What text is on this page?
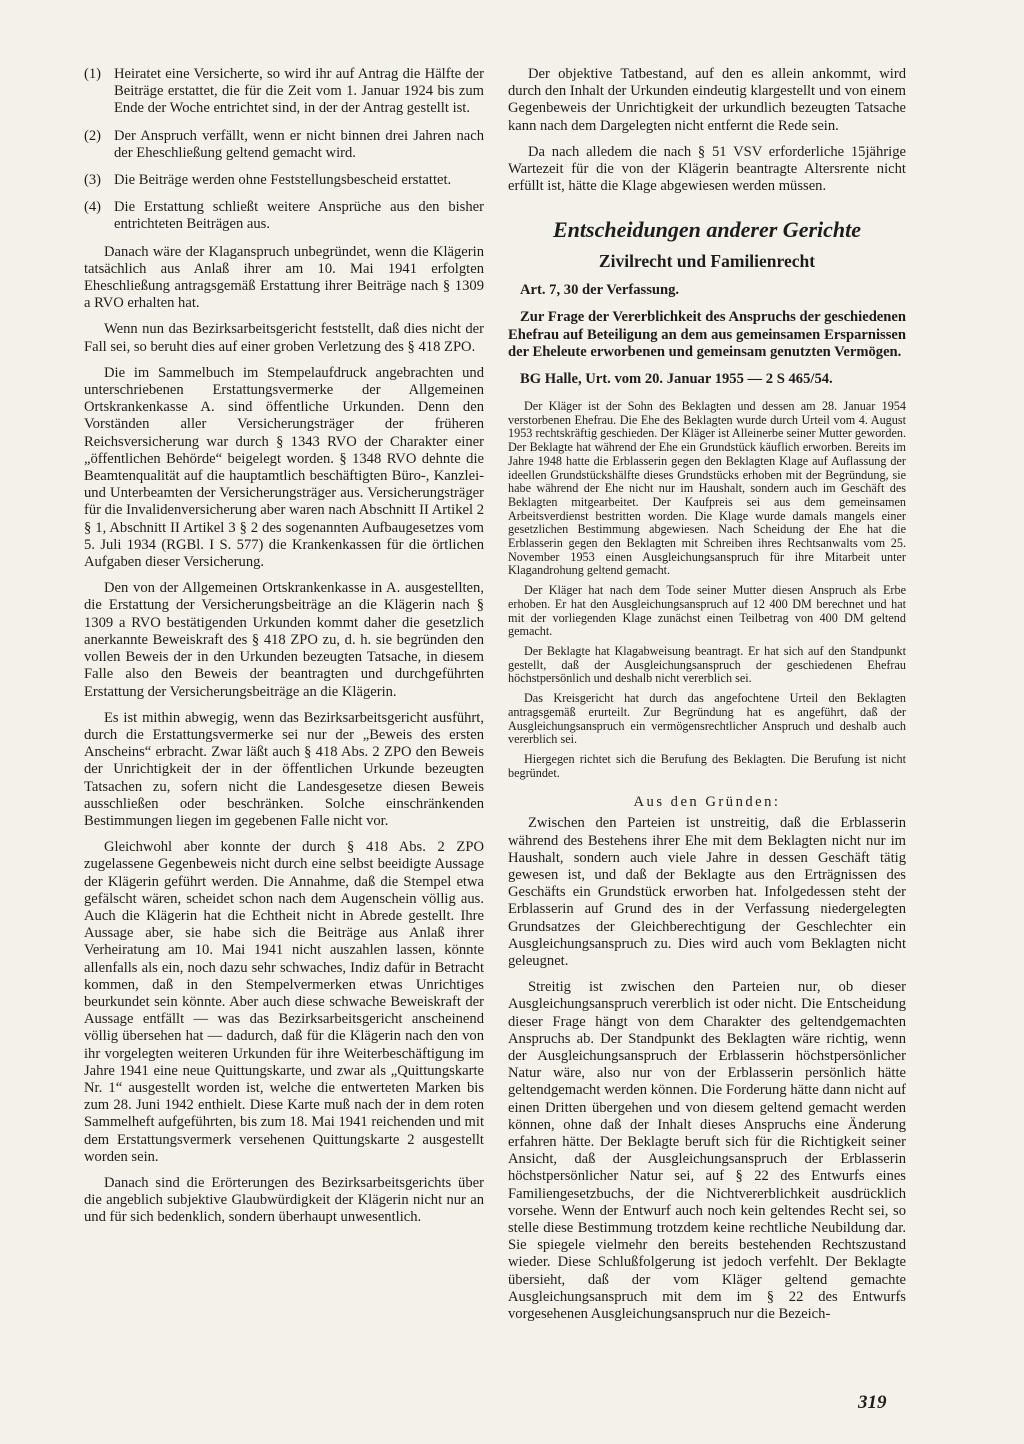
(1) Heiratet eine Versicherte, so wird ihr auf Antrag die Hälfte der Beiträge erstattet, die für die Zeit vom 1. Januar 1924 bis zum Ende der Woche entrichtet sind, in der der Antrag gestellt ist.
(2) Der Anspruch verfällt, wenn er nicht binnen drei Jahren nach der Eheschließung geltend gemacht wird.
(3) Die Beiträge werden ohne Feststellungsbescheid erstattet.
(4) Die Erstattung schließt weitere Ansprüche aus den bisher entrichteten Beiträgen aus.

Danach wäre der Klaganspruch unbegründet, wenn die Klägerin tatsächlich aus Anlaß ihrer am 10. Mai 1941 erfolgten Eheschließung antragsgemäß Erstattung ihrer Beiträge nach § 1309 a RVO erhalten hat.

Wenn nun das Bezirksarbeitsgericht feststellt, daß dies nicht der Fall sei, so beruht dies auf einer groben Verletzung des § 418 ZPO.

Die im Sammelbuch im Stempelaufdruck angebrachten und unterschriebenen Erstattungsvermerke der Allgemeinen Ortskrankenkasse A. sind öffentliche Urkunden. Denn den Vorständen aller Versicherungsträger der früheren Reichsversicherung war durch § 1343 RVO der Charakter einer „öffentlichen Behörde“ beigelegt worden. § 1348 RVO dehnte die Beamtenqualität auf die hauptamtlich beschäftigten Büro-, Kanzlei- und Unterbeamten der Versicherungsträger aus. Versicherungsträger für die Invalidenversicherung aber waren nach Abschnitt II Artikel 2 § 1, Abschnitt II Artikel 3 § 2 des sogenannten Aufbaugesetzes vom 5. Juli 1934 (RGBl. I S. 577) die Krankenkassen für die örtlichen Aufgaben dieser Versicherung.

Den von der Allgemeinen Ortskrankenkasse in A. ausgestellten, die Erstattung der Versicherungsbeiträge an die Klägerin nach § 1309 a RVO bestätigenden Urkunden kommt daher die gesetzlich anerkannte Beweiskraft des § 418 ZPO zu, d. h. sie begründen den vollen Beweis der in den Urkunden bezeugten Tatsache, in diesem Falle also den Beweis der beantragten und durchgeführten Erstattung der Versicherungsbeiträge an die Klägerin.

Es ist mithin abwegig, wenn das Bezirksarbeitsgericht ausführt, durch die Erstattungsvermerke sei nur der „Beweis des ersten Anscheins“ erbracht. Zwar läßt auch § 418 Abs. 2 ZPO den Beweis der Unrichtigkeit der in der öffentlichen Urkunde bezeugten Tatsachen zu, sofern nicht die Landesgesetze diesen Beweis ausschließen oder beschränken. Solche einschränkenden Bestimmungen liegen im gegebenen Falle nicht vor.

Gleichwohl aber konnte der durch § 418 Abs. 2 ZPO zugelassene Gegenbeweis nicht durch eine selbst beeidigte Aussage der Klägerin geführt werden. Die Annahme, daß die Stempel etwa gefälscht wären, scheidet schon nach dem Augenschein völlig aus. Auch die Klägerin hat die Echtheit nicht in Abrede gestellt. Ihre Aussage aber, sie habe sich die Beiträge aus Anlaß ihrer Verheiratung am 10. Mai 1941 nicht auszahlen lassen, könnte allenfalls als ein, noch dazu sehr schwaches, Indiz dafür in Betracht kommen, daß in den Stempelvermerken etwas Unrichtiges beurkundet sein könnte. Aber auch diese schwache Beweiskraft der Aussage entfällt — was das Bezirksarbeitsgericht anscheinend völlig übersehen hat — dadurch, daß für die Klägerin nach den von ihr vorgelegten weiteren Urkunden für ihre Weiterbeschäftigung im Jahre 1941 eine neue Quittungskarte, und zwar als „Quittungskarte Nr. 1“ ausgestellt worden ist, welche die entwerteten Marken bis zum 28. Juni 1942 enthielt. Diese Karte muß nach der in dem roten Sammelheft aufgeführten, bis zum 18. Mai 1941 reichenden und mit dem Erstattungsvermerk versehenen Quittungskarte 2 ausgestellt worden sein.

Danach sind die Erörterungen des Bezirksarbeitsgerichts über die angeblich subjektive Glaubwürdigkeit der Klägerin nicht nur an und für sich bedenklich, sondern überhaupt unwesentlich.

Der objektive Tatbestand, auf den es allein ankommt, wird durch den Inhalt der Urkunden eindeutig klargestellt und von einem Gegenbeweis der Unrichtigkeit der urkundlich bezeugten Tatsache kann nach dem Dargelegten nicht entfernt die Rede sein.

Da nach alledem die nach § 51 VSV erforderliche 15jährige Wartezeit für die von der Klägerin beantragte Altersrente nicht erfüllt ist, hätte die Klage abgewiesen werden müssen.

Entscheidungen anderer Gerichte
Zivilrecht und Familienrecht
Art. 7, 30 der Verfassung.

Zur Frage der Vererblichkeit des Anspruchs der geschiedenen Ehefrau auf Beteiligung an dem aus gemeinsamen Ersparnissen der Eheleute erworbenen und gemeinsam genutzten Vermögen.

BG Halle, Urt. vom 20. Januar 1955 — 2 S 465/54.

Der Kläger ist der Sohn des Beklagten und dessen am 28. Januar 1954 verstorbenen Ehefrau. Die Ehe des Beklagten wurde durch Urteil vom 4. August 1953 rechtskräftig geschieden. Der Kläger ist Alleinerbe seiner Mutter geworden. Der Beklagte hat während der Ehe ein Grundstück käuflich erworben. Bereits im Jahre 1948 hatte die Erblasserin gegen den Beklagten Klage auf Auflassung der ideellen Grundstückshälfte dieses Grundstücks erhoben mit der Begründung, sie habe während der Ehe nicht nur im Haushalt, sondern auch im Geschäft des Beklagten mitgearbeitet. Der Kaufpreis sei aus dem gemeinsamen Arbeitsverdienst bestritten worden. Die Klage wurde damals mangels einer gesetzlichen Bestimmung abgewiesen. Nach Scheidung der Ehe hat die Erblasserin gegen den Beklagten mit Schreiben ihres Rechtsanwalts vom 25. November 1953 einen Ausgleichungsanspruch für ihre Mitarbeit unter Klagandrohung geltend gemacht.

Der Kläger hat nach dem Tode seiner Mutter diesen Anspruch als Erbe erhoben. Er hat den Ausgleichungsanspruch auf 12 400 DM berechnet und hat mit der vorliegenden Klage zunächst einen Teilbetrag von 400 DM geltend gemacht.

Der Beklagte hat Klagabweisung beantragt. Er hat sich auf den Standpunkt gestellt, daß der Ausgleichungsanspruch der geschiedenen Ehefrau höchstpersönlich und deshalb nicht vererblich sei.

Das Kreisgericht hat durch das angefochtene Urteil den Beklagten antragsgemäß erurteilt. Zur Begründung hat es angeführt, daß der Ausgleichungsanspruch ein vermögensrechtlicher Anspruch und deshalb auch vererblich sei.

Hiergegen richtet sich die Berufung des Beklagten. Die Berufung ist nicht begründet.

Aus den Gründen:

Zwischen den Parteien ist unstreitig, daß die Erblasserin während des Bestehens ihrer Ehe mit dem Beklagten nicht nur im Haushalt, sondern auch viele Jahre in dessen Geschäft tätig gewesen ist, und daß der Beklagte aus den Erträgnissen des Geschäfts ein Grundstück erworben hat. Infolgedessen steht der Erblasserin auf Grund des in der Verfassung niedergelegten Grundsatzes der Gleichberechtigung der Geschlechter ein Ausgleichungsanspruch zu. Dies wird auch vom Beklagten nicht geleugnet.

Streitig ist zwischen den Parteien nur, ob dieser Ausgleichungsanspruch vererblich ist oder nicht. Die Entscheidung dieser Frage hängt von dem Charakter des geltendgemachten Anspruchs ab. Der Standpunkt des Beklagten wäre richtig, wenn der Ausgleichungsanspruch der Erblasserin höchstpersönlicher Natur wäre, also nur von der Erblasserin persönlich hätte geltendgemacht werden können. Die Forderung hätte dann nicht auf einen Dritten übergehen und von diesem geltend gemacht werden können, ohne daß der Inhalt dieses Anspruchs eine Änderung erfahren hätte. Der Beklagte beruft sich für die Richtigkeit seiner Ansicht, daß der Ausgleichungsanspruch der Erblasserin höchstpersönlicher Natur sei, auf § 22 des Entwurfs eines Familiengesetzbuchs, der die Nichtvererblichkeit ausdrücklich vorsehe. Wenn der Entwurf auch noch kein geltendes Recht sei, so stelle diese Bestimmung trotzdem keine rechtliche Neubildung dar. Sie spiegele vielmehr den bereits bestehenden Rechtszustand wieder. Diese Schlußfolgerung ist jedoch verfehlt. Der Beklagte übersieht, daß der vom Kläger geltend gemachte Ausgleichungsanspruch mit dem im § 22 des Entwurfs vorgesehenen Ausgleichungsanspruch nur die Bezeich-

319
